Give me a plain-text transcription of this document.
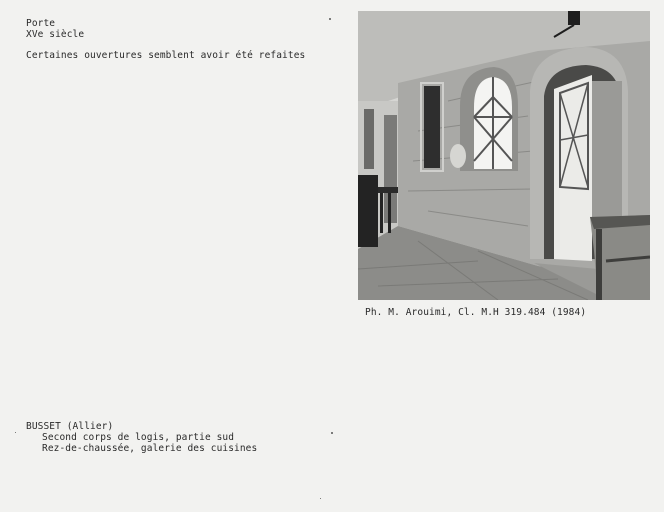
Porte
XVe siècle
Certaines ouvertures semblent avoir été refaites
Ph. M. Arouimi, Cl. M.H 319.484 (1984)
BUSSET (Allier)
Second corps de logis, partie sud
Rez-de-chaussée, galerie des cuisines
